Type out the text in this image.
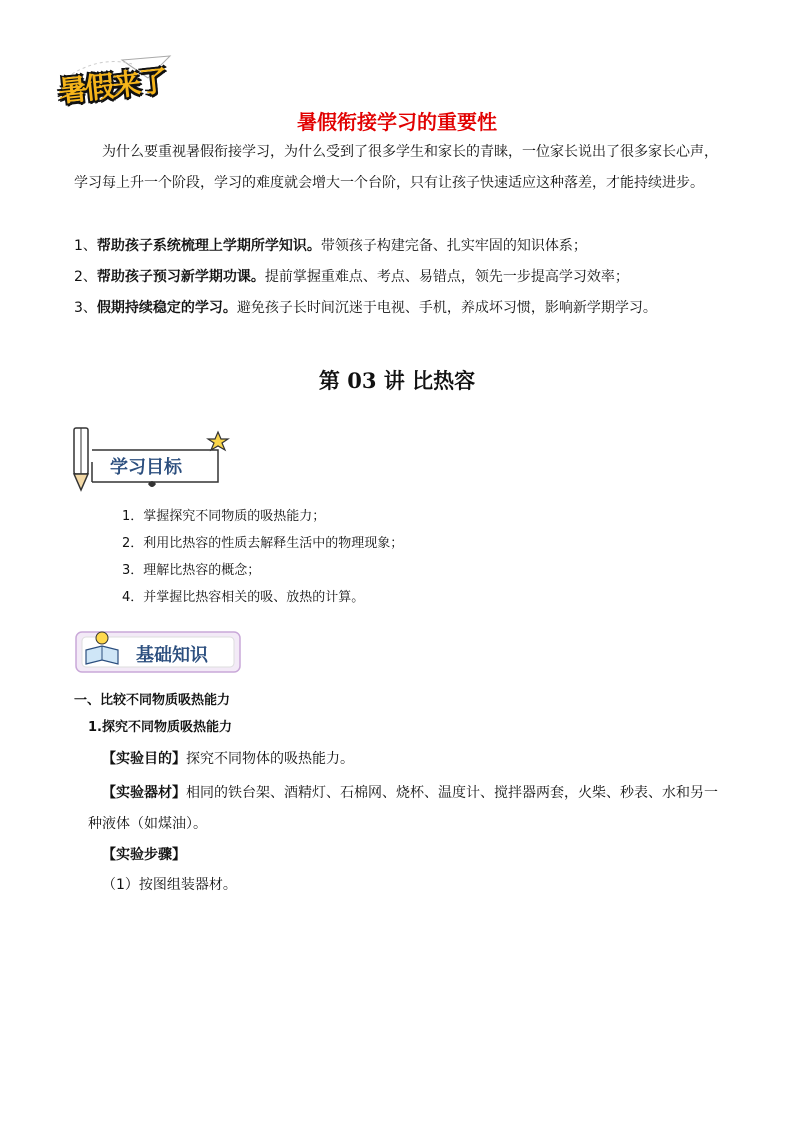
暑假来了
暑假衔接学习的重要性
为什么要重视暑假衔接学习，为什么受到了很多学生和家长的青睐，一位家长说出了很多家长心声，学习每上升一个阶段，学习的难度就会增大一个台阶，只有让孩子快速适应这种落差，才能持续进步。
1、帮助孩子系统梳理上学期所学知识。带领孩子构建完备、扎实牢固的知识体系；
2、帮助孩子预习新学期功课。提前掌握重难点、考点、易错点，领先一步提高学习效率；
3、假期持续稳定的学习。避免孩子长时间沉迷于电视、手机，养成坏习惯，影响新学期学习。
第 03 讲 比热容
学习目标
1．掌握探究不同物质的吸热能力；
2．利用比热容的性质去解释生活中的物理现象；
3．理解比热容的概念；
4．并掌握比热容相关的吸、放热的计算。
基础知识
一、比较不同物质吸热能力
1.探究不同物质吸热能力
【实验目的】探究不同物体的吸热能力。
【实验器材】相同的铁台架、酒精灯、石棉网、烧杯、温度计、搅拌器两套，火柴、秒表、水和另一种液体（如煤油）。
【实验步骤】
（1）按图组装器材。
